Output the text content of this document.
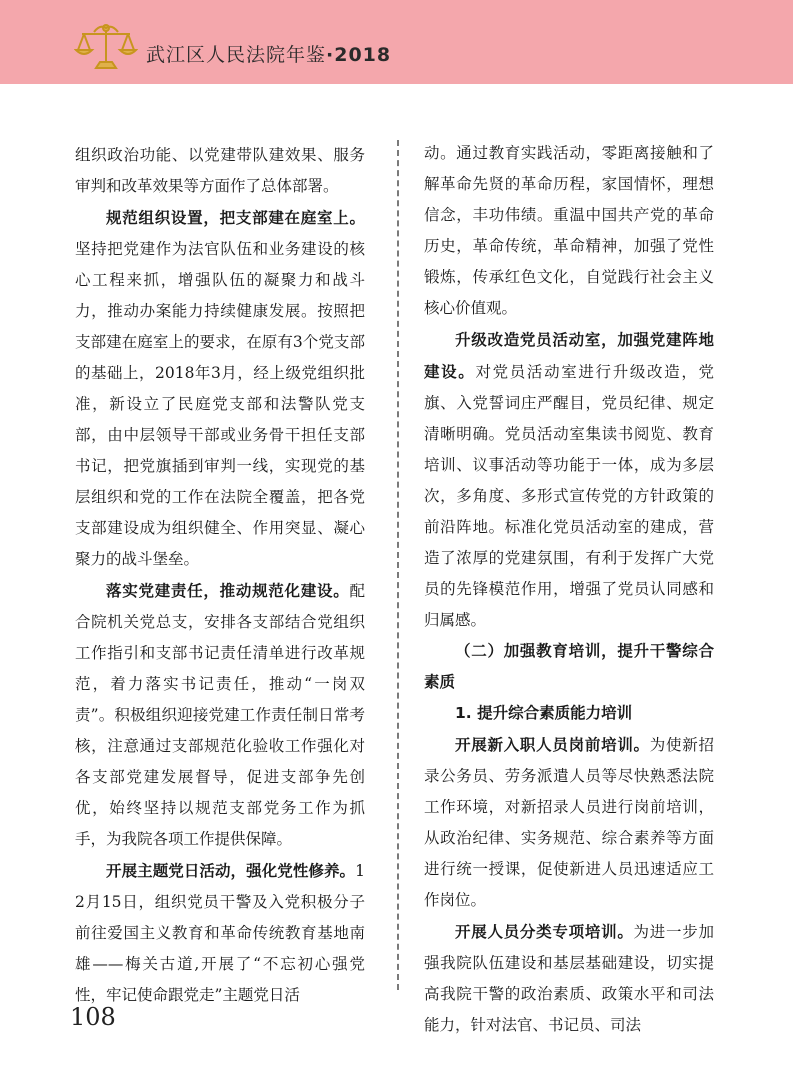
武江区人民法院年鉴·2018

组织政治功能、以党建带队建效果、服务审判和改革效果等方面作了总体部署。

规范组织设置，把支部建在庭室上。坚持把党建作为法官队伍和业务建设的核心工程来抓，增强队伍的凝聚力和战斗力，推动办案能力持续健康发展。按照把支部建在庭室上的要求，在原有3个党支部的基础上，2018年3月，经上级党组织批准，新设立了民庭党支部和法警队党支部，由中层领导干部或业务骨干担任支部书记，把党旗插到审判一线，实现党的基层组织和党的工作在法院全覆盖，把各党支部建设成为组织健全、作用突显、凝心聚力的战斗堡垒。

落实党建责任，推动规范化建设。配合院机关党总支，安排各支部结合党组织工作指引和支部书记责任清单进行改革规范，着力落实书记责任，推动“一岗双责”。积极组织迎接党建工作责任制日常考核，注意通过支部规范化验收工作强化对各支部党建发展督导，促进支部争先创优，始终坚持以规范支部党务工作为抓手，为我院各项工作提供保障。

开展主题党日活动，强化党性修养。12月15日，组织党员干警及入党积极分子前往爱国主义教育和革命传统教育基地南雄——梅关古道,开展了“不忘初心强党性，牢记使命跟党走”主题党日活

动。通过教育实践活动，零距离接触和了解革命先贤的革命历程，家国情怀，理想信念，丰功伟绩。重温中国共产党的革命历史，革命传统，革命精神，加强了党性锻炼，传承红色文化，自觉践行社会主义核心价值观。

升级改造党员活动室，加强党建阵地建设。对党员活动室进行升级改造，党旗、入党誓词庄严醒目，党员纪律、规定清晰明确。党员活动室集读书阅览、教育培训、议事活动等功能于一体，成为多层次，多角度、多形式宣传党的方针政策的前沿阵地。标准化党员活动室的建成，营造了浓厚的党建氛围，有利于发挥广大党员的先锋模范作用，增强了党员认同感和归属感。

（二）加强教育培训，提升干警综合素质

1. 提升综合素质能力培训

开展新入职人员岗前培训。为使新招录公务员、劳务派遣人员等尽快熟悉法院工作环境，对新招录人员进行岗前培训，从政治纪律、实务规范、综合素养等方面进行统一授课，促使新进人员迅速适应工作岗位。

开展人员分类专项培训。为进一步加强我院队伍建设和基层基础建设，切实提高我院干警的政治素质、政策水平和司法能力，针对法官、书记员、司法

108
